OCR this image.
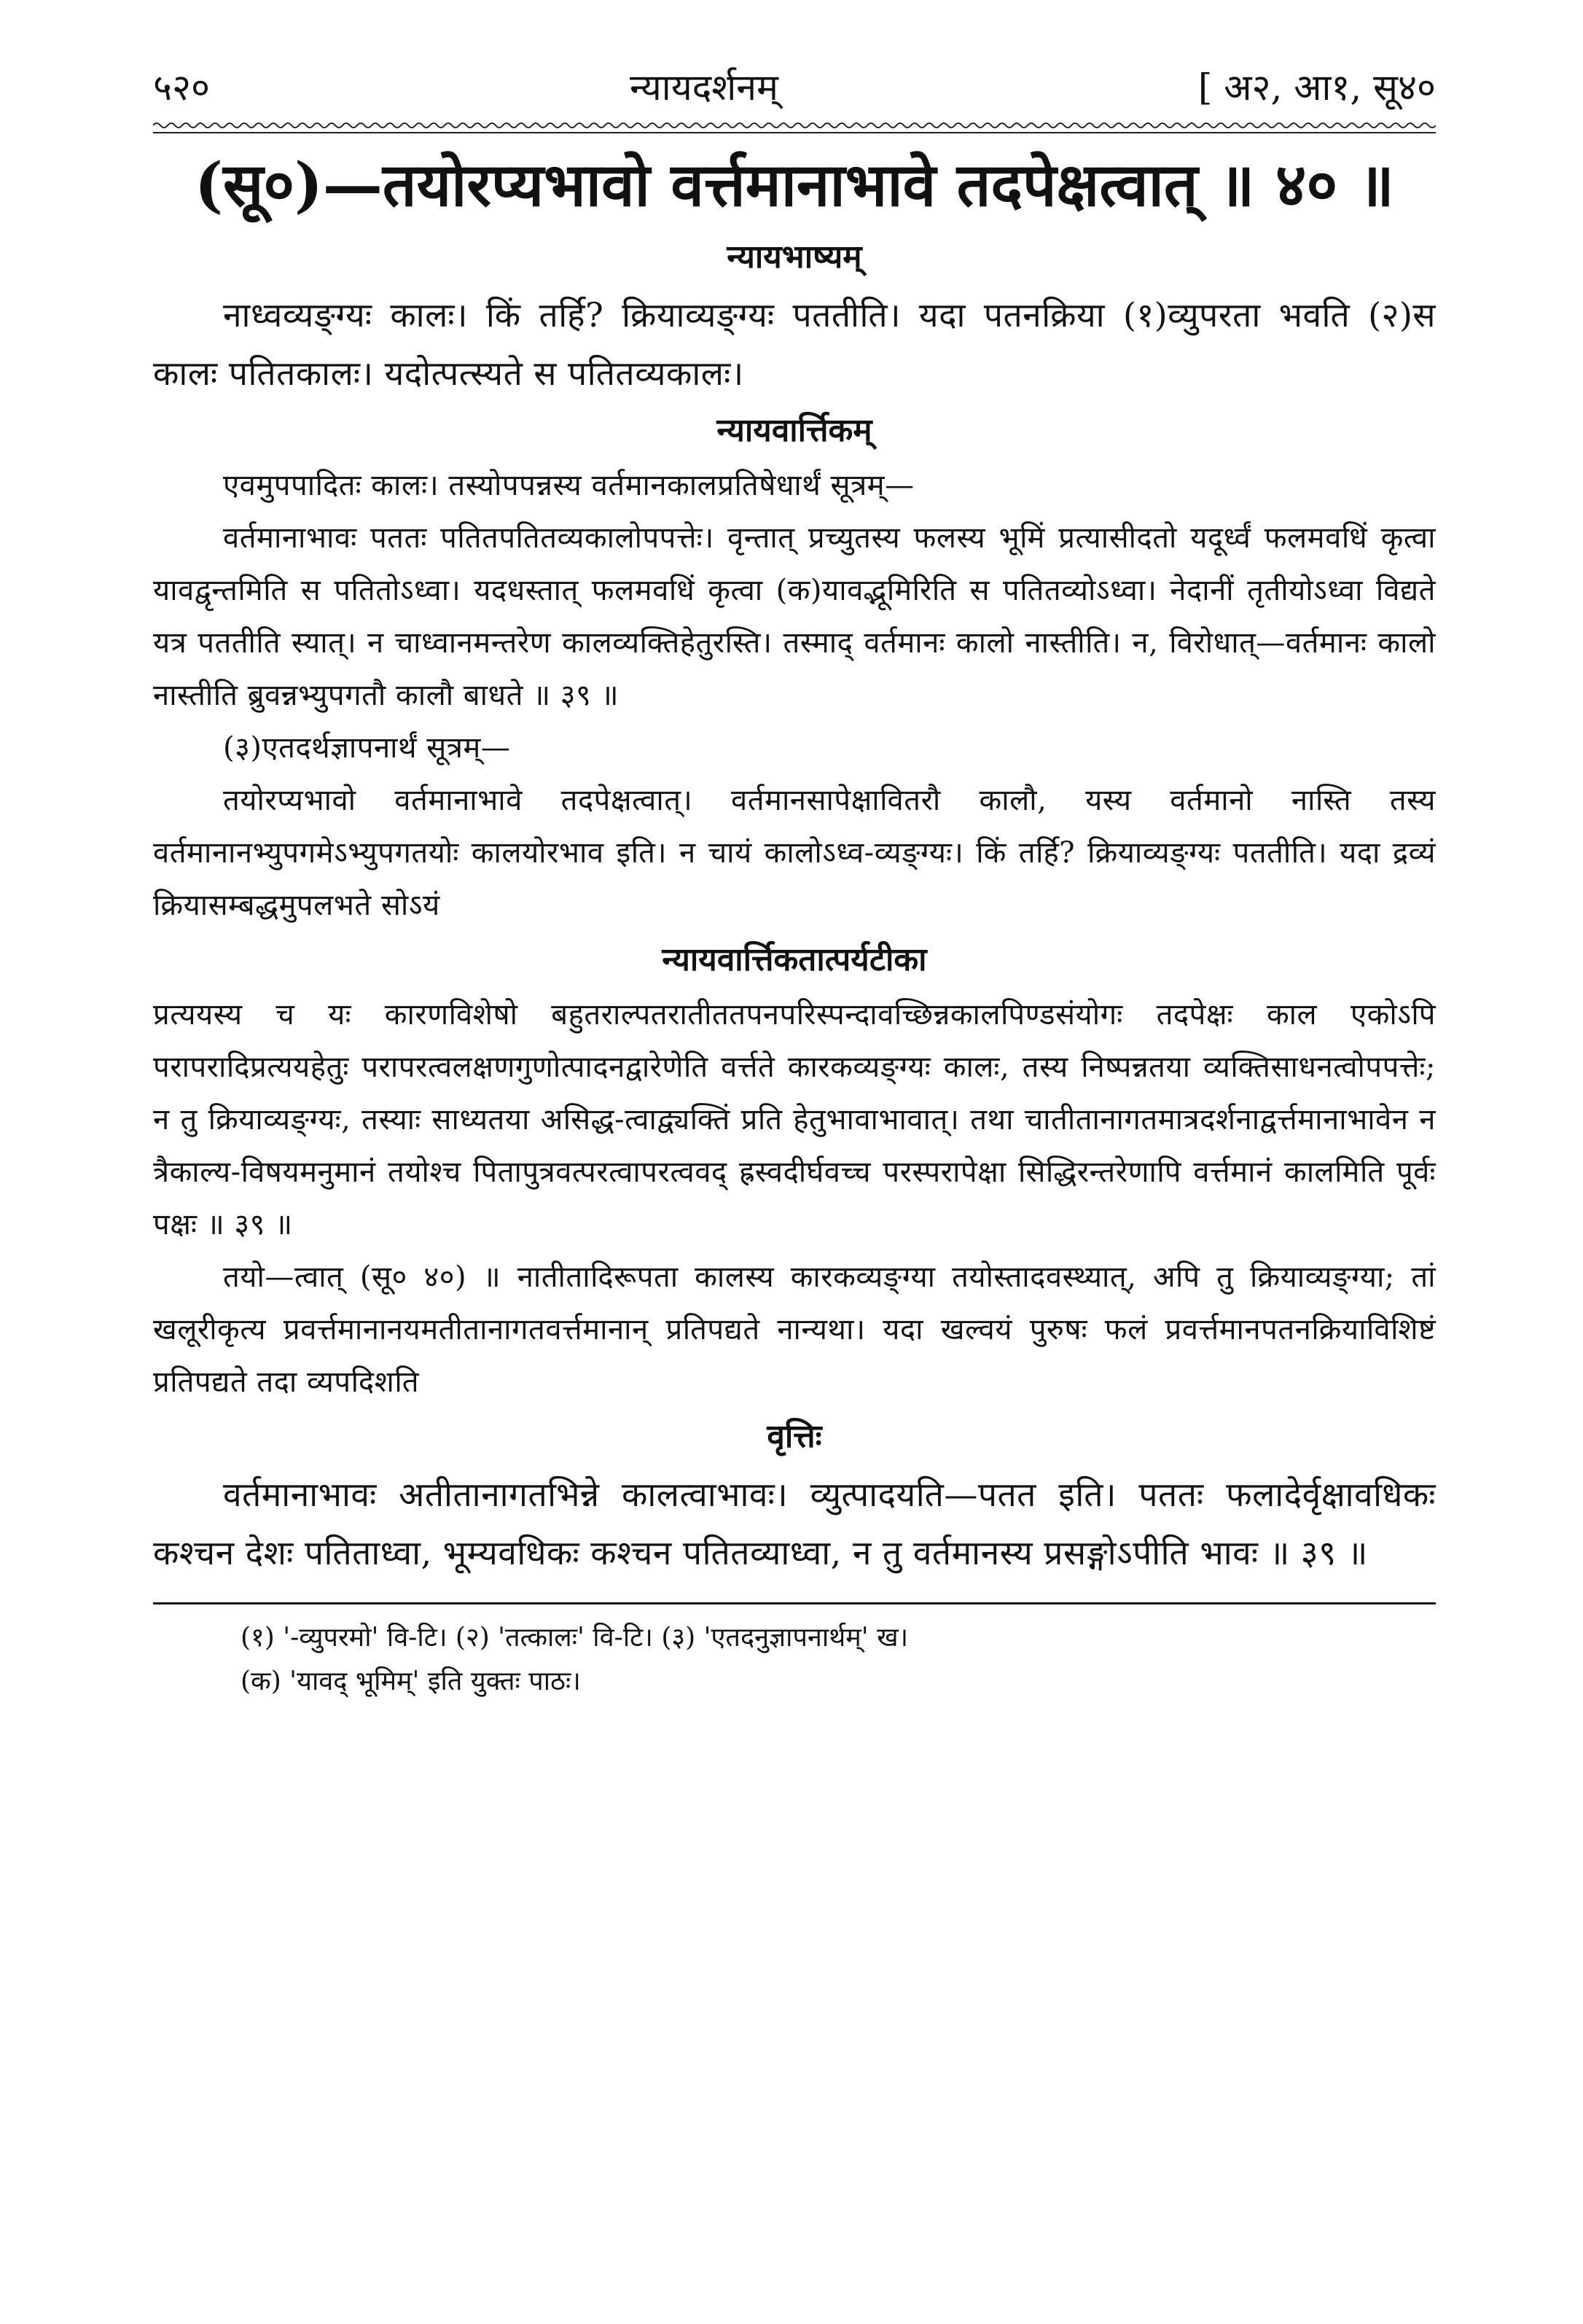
५२०	न्यायदर्शनम्	[ अ२, आ१, सू४०
(सू०)—तयोरप्यभावो वर्त्तमानाभावे तदपेक्षत्वात् ॥ ४० ॥
न्यायभाष्यम्

नाध्वव्यङ्ग्यः कालः। किं तर्हि? क्रियाव्यङ्ग्यः पततीति। यदा पतनक्रिया (१)व्युपरता भवति (२)स कालः पतितकालः। यदोत्पत्स्यते स पतितव्यकालः।

न्यायवार्त्तिकम्

एवमुपपादितः कालः। तस्योपपन्नस्य वर्तमानकालप्रतिषेधार्थं सूत्रम्—

वर्तमानाभावः पततः पतितपतितव्यकालोपपत्तेः। वृन्तात् प्रच्युतस्य फलस्य भूमिं प्रत्यासीदतो यदूर्ध्वं फलमवधिं कृत्वा यावद्वृन्तमिति स पतितोऽध्वा। यदधस्तात् फलमवधिं कृत्वा (क)यावद्भूमिरिति स पतितव्योऽध्वा। नेदानीं तृतीयोऽध्वा विद्यते यत्र पततीति स्यात्। न चाध्वानमन्तरेण कालव्यक्तिहेतुरस्ति। तस्माद् वर्तमानः कालो नास्तीति। न, विरोधात्—वर्तमानः कालो नास्तीति ब्रुवन्नभ्युपगतौ कालौ बाधते ॥ ३९ ॥

(३)एतदर्थज्ञापनार्थं सूत्रम्—

तयोरप्यभावो वर्तमानाभावे तदपेक्षत्वात्। वर्तमानसापेक्षावितरौ कालौ, यस्य वर्तमानो नास्ति तस्य वर्तमानानभ्युपगमेऽभ्युपगतयोः कालयोरभाव इति। न चायं कालोऽध्व-व्यङ्ग्यः। किं तर्हि? क्रियाव्यङ्ग्यः पततीति। यदा द्रव्यं क्रियासम्बद्धमुपलभते सोऽयं

न्यायवार्त्तिकतात्पर्यटीका

प्रत्ययस्य च यः कारणविशेषो बहुतराल्पतरातीततपनपरिस्पन्दावच्छिन्नकालपिण्डसंयोगः तदपेक्षः काल एकोऽपि परापरादिप्रत्ययहेतुः परापरत्वलक्षणगुणोत्पादनद्वारेणेति वर्त्तते कारकव्यङ्ग्यः कालः, तस्य निष्पन्नतया व्यक्तिसाधनत्वोपपत्तेः; न तु क्रियाव्यङ्ग्यः, तस्याः साध्यतया असिद्ध-त्वाद्व्यक्तिं प्रति हेतुभावाभावात्। तथा चातीतानागतमात्रदर्शनाद्वर्त्तमानाभावेन न त्रैकाल्य-विषयमनुमानं तयोश्च पितापुत्रवत्परत्वापरत्ववद् ह्रस्वदीर्घवच्च परस्परापेक्षा सिद्धिरन्तरेणापि वर्त्तमानं कालमिति पूर्वः पक्षः ॥ ३९ ॥

तयो—त्वात् (सू० ४०) ॥ नातीतादिरूपता कालस्य कारकव्यङ्ग्या तयोस्तादवस्थ्यात्, अपि तु क्रियाव्यङ्ग्या; तां खलूरीकृत्य प्रवर्त्तमानानयमतीतानागतवर्त्तमानान् प्रतिपद्यते नान्यथा। यदा खल्वयं पुरुषः फलं प्रवर्त्तमानपतनक्रियाविशिष्टं प्रतिपद्यते तदा व्यपदिशति

वृत्तिः

वर्तमानाभावः अतीतानागतभिन्ने कालत्वाभावः। व्युत्पादयति—पतत इति। पततः फलादेर्वृक्षावधिकः कश्चन देशः पतिताध्वा, भूम्यवधिकः कश्चन पतितव्याध्वा, न तु वर्तमानस्य प्रसङ्गोऽपीति भावः ॥ ३९ ॥

(१) '-व्युपरमो' वि-टि। (२) 'तत्कालः' वि-टि। (३) 'एतदनुज्ञापनार्थम्' ख।
(क) 'यावद् भूमिम्' इति युक्तः पाठः।
